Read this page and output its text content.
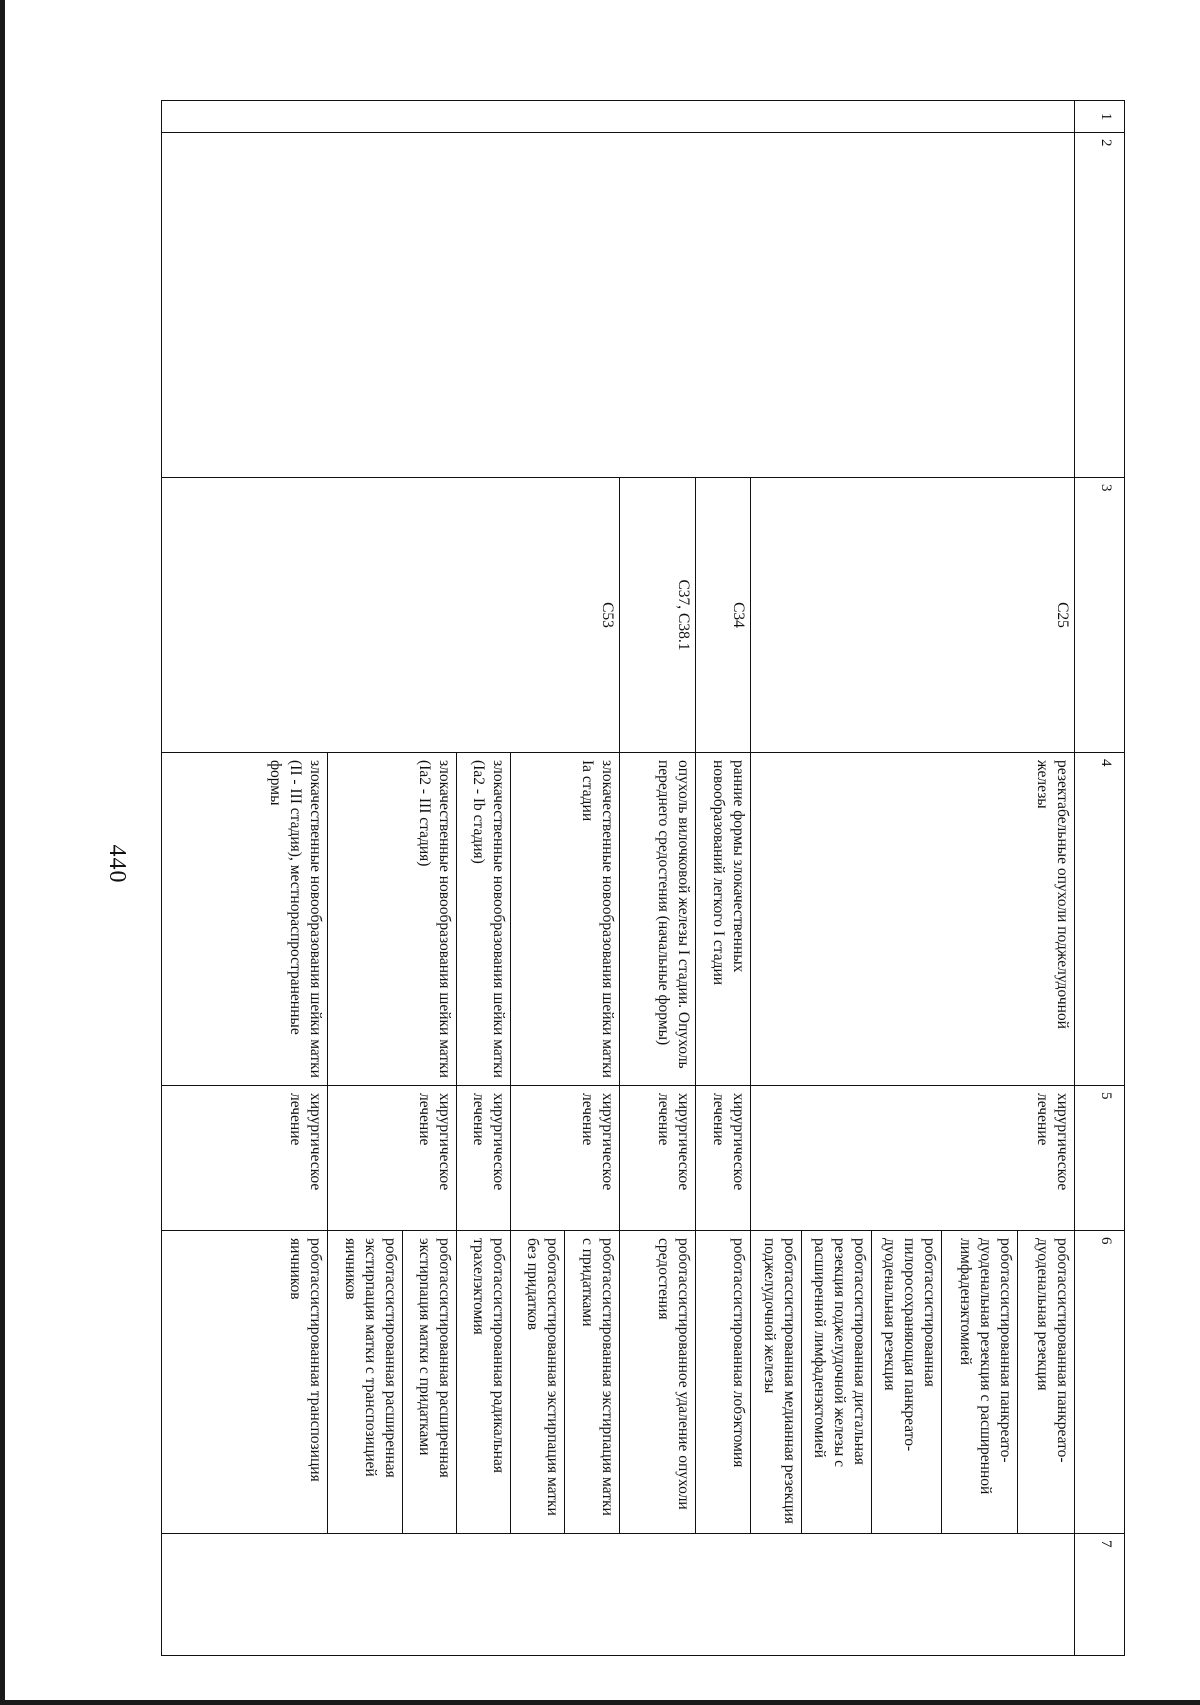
440
1	2	3	4	5	6	7
		C25	резектабельные опухоли поджелудочной железы	хирургическое лечение	роботассистированная панкреато-дуоденальная резекция	
					роботассистированная панкреато-дуоденальная резекция с расширенной лимфаденэктомией	
					роботассистированная пилоросохраняющая панкреато-дуоденальная резекция	
					роботассистированная дистальная резекция поджелудочной железы с расширенной лимфаденэктомией	
					роботассистированная медианная резекция поджелудочной железы	
		C34	ранние формы злокачественных новообразований легкого I стадии	хирургическое лечение	роботассистированная лобэктомия	
		C37, C38.1	опухоль вилочковой железы I стадии. Опухоль переднего средостения (начальные формы)	хирургическое лечение	роботассистированное удаление опухоли средостения	
		C53	злокачественные новообразования шейки матки Ia стадии	хирургическое лечение	роботассистированная экстирпация матки с придатками	
					роботассистированная экстирпация матки без придатков	
			злокачественные новообразования шейки матки (Ia2 - Ib стадия)	хирургическое лечение	роботассистированная радикальная трахелэктомия	
			злокачественные новообразования шейки матки (Ia2 - III стадия)	хирургическое лечение	роботассистированная расширенная экстирпация матки с придатками	
					роботассистированная расширенная экстирпация матки с транспозицией яичников	
			злокачественные новообразования шейки матки (II - III стадия), местнораспространенные формы	хирургическое лечение	роботассистированная транспозиция яичников	
